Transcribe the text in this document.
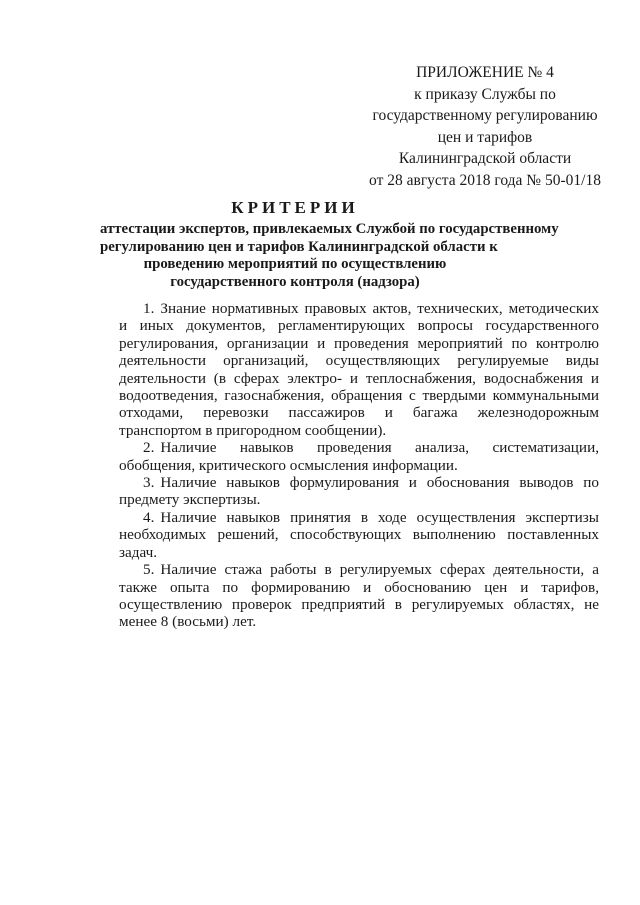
ПРИЛОЖЕНИЕ № 4
к приказу Службы по
государственному регулированию
цен и тарифов
Калининградской области
от 28 августа 2018 года № 50-01/18
КРИТЕРИИ
аттестации экспертов, привлекаемых Службой по государственному
регулированию цен и тарифов Калининградской области к
проведению мероприятий по осуществлению
государственного контроля (надзора)

1. Знание нормативных правовых актов, технических, методических и иных документов, регламентирующих вопросы государственного регулирования, организации и проведения мероприятий по контролю деятельности организаций, осуществляющих регулируемые виды деятельности (в сферах электро- и теплоснабжения, водоснабжения и водоотведения, газоснабжения, обращения с твердыми коммунальными отходами, перевозки пассажиров и багажа железнодорожным транспортом в пригородном сообщении).

2. Наличие навыков проведения анализа, систематизации, обобщения, критического осмысления информации.

3. Наличие навыков формулирования и обоснования выводов по предмету экспертизы.

4. Наличие навыков принятия в ходе осуществления экспертизы необходимых решений, способствующих выполнению поставленных задач.

5. Наличие стажа работы в регулируемых сферах деятельности, а также опыта по формированию и обоснованию цен и тарифов, осуществлению проверок предприятий в регулируемых областях, не менее 8 (восьми) лет.
